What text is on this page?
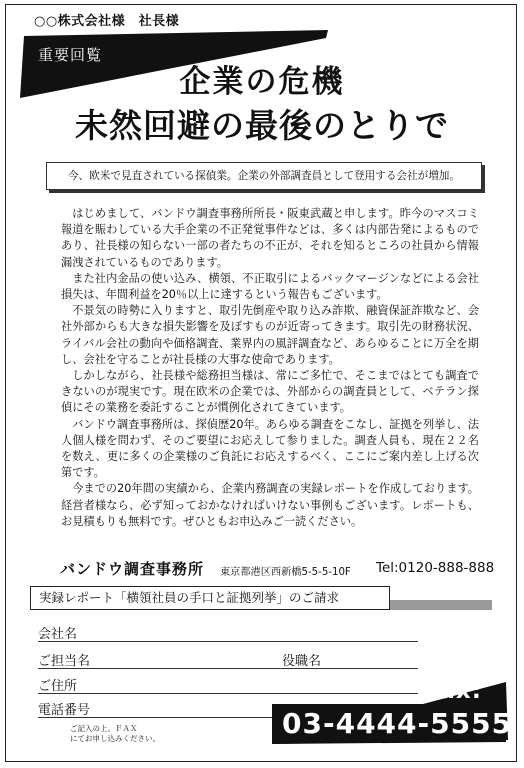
○○株式会社様　社長様
重要回覧
企業の危機
未然回避の最後のとりで
今、欧米で見直されている探偵業。企業の外部調査員として登用する会社が増加。

はじめまして、バンドウ調査事務所所長・阪東武蔵と申します。昨今のマスコミ報道を賑わしている大手企業の不正発覚事件などは、多くは内部告発によるものであり、社長様の知らない一部の者たちの不正が、それを知るところの社員から情報漏洩されているものであります。

また社内金品の使い込み、横領、不正取引によるバックマージンなどによる会社損失は、年間利益を20％以上に達するという報告もございます。

不景気の時勢に入りますと、取引先倒産や取り込み詐欺、融資保証詐欺など、会社外部からも大きな損失影響を及ぼすものが近寄ってきます。取引先の財務状況、ライバル会社の動向や価格調査、業界内の風評調査など、あらゆることに万全を期し、会社を守ることが社長様の大事な使命であります。

しかしながら、社長様や総務担当様は、常にご多忙で、そこまではとても調査できないのが現実です。現在欧米の企業では、外部からの調査員として、ベテラン探偵にその業務を委託することが慣例化されてきています。

バンドウ調査事務所は、探偵歴20年。あらゆる調査をこなし、証拠を列挙し、法人個人様を問わず、そのご要望にお応えして参りました。調査人員も、現在２２名を数え、更に多くの企業様のご負託にお応えするべく、ここにご案内差し上げる次第です。

今までの20年間の実績から、企業内務調査の実録レポートを作成しております。経営者様なら、必ず知っておかなければいけない事例もございます。レポートも、お見積もりも無料です。ぜひともお申込みご一読ください。

バンドウ調査事務所 東京都港区西新橋5-5-5-10F Tel:0120-888-888
実録レポート「横領社員の手口と証拠列挙」のご請求
会社名
ご担当名	役職名
ご住所
電話番号
ご記入の上、ＦＡＸ
にてお申し込みください。
Fax:
03-4444-5555
